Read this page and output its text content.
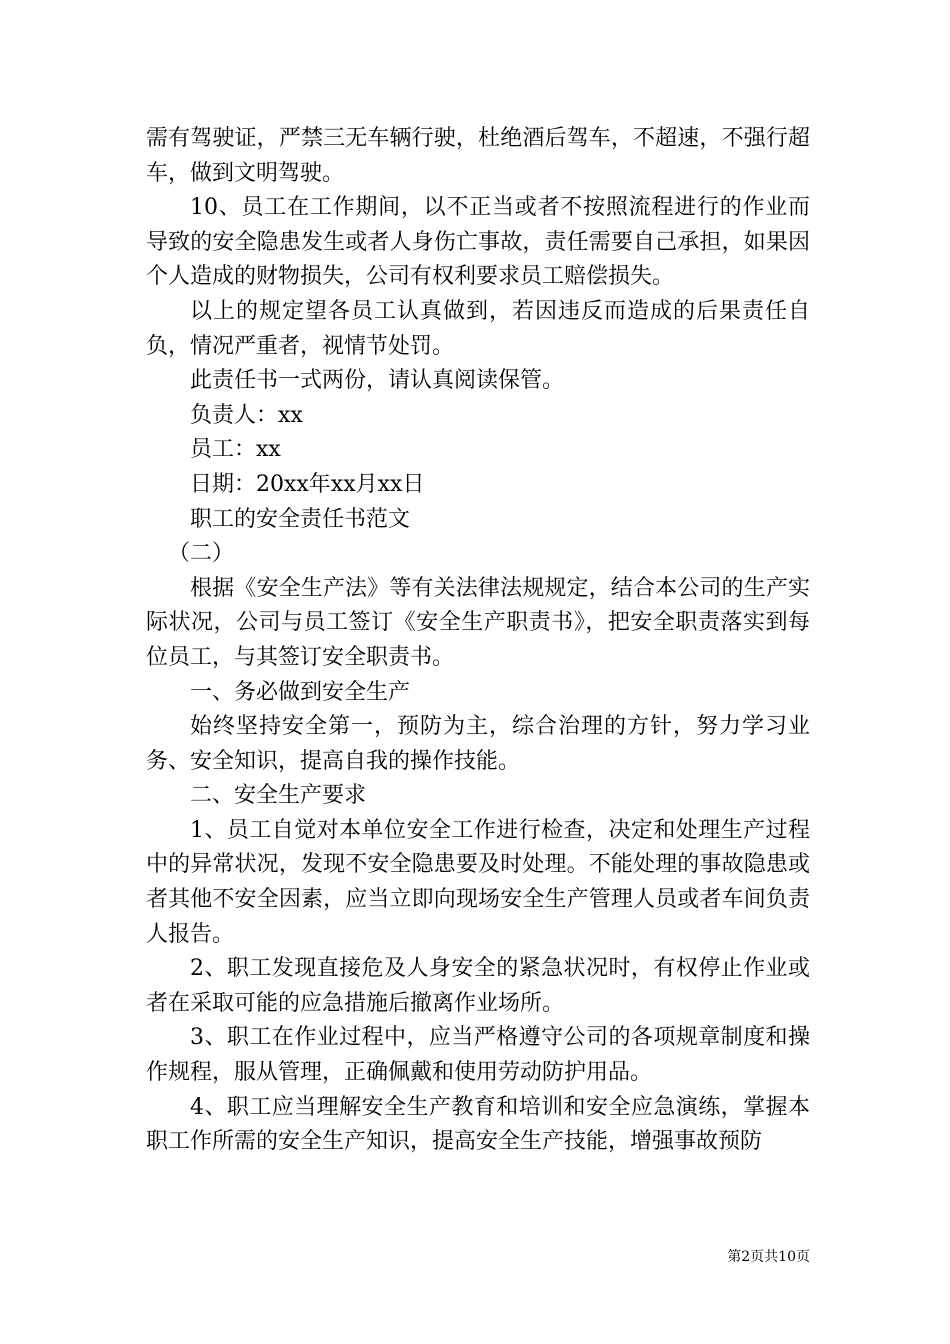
需有驾驶证，严禁三无车辆行驶，杜绝酒后驾车，不超速，不强行超车，做到文明驾驶。

10、员工在工作期间，以不正当或者不按照流程进行的作业而导致的安全隐患发生或者人身伤亡事故，责任需要自己承担，如果因个人造成的财物损失，公司有权利要求员工赔偿损失。

以上的规定望各员工认真做到，若因违反而造成的后果责任自负，情况严重者，视情节处罚。

此责任书一式两份，请认真阅读保管。

负责人：xx

员工：xx

日期：20xx年xx月xx日

职工的安全责任书范文

（二）

根据《安全生产法》等有关法律法规规定，结合本公司的生产实际状况，公司与员工签订《安全生产职责书》，把安全职责落实到每位员工，与其签订安全职责书。

一、务必做到安全生产

始终坚持安全第一，预防为主，综合治理的方针，努力学习业务、安全知识，提高自我的操作技能。

二、安全生产要求

1、员工自觉对本单位安全工作进行检查，决定和处理生产过程中的异常状况，发现不安全隐患要及时处理。不能处理的事故隐患或者其他不安全因素，应当立即向现场安全生产管理人员或者车间负责人报告。

2、职工发现直接危及人身安全的紧急状况时，有权停止作业或者在采取可能的应急措施后撤离作业场所。

3、职工在作业过程中，应当严格遵守公司的各项规章制度和操作规程，服从管理，正确佩戴和使用劳动防护用品。

4、职工应当理解安全生产教育和培训和安全应急演练，掌握本职工作所需的安全生产知识，提高安全生产技能，增强事故预防

第2页共10页
